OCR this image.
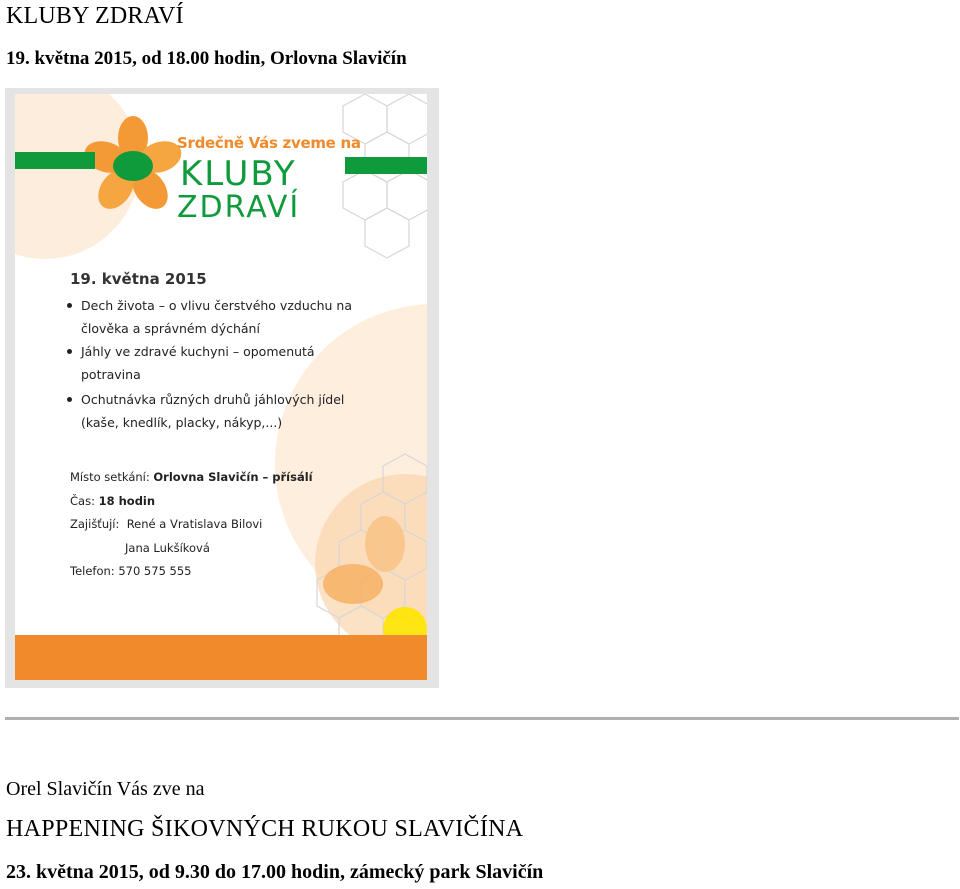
KLUBY ZDRAVÍ
19. května 2015, od 18.00 hodin, Orlovna Slavičín
Srdečně Vás zveme na
KLUBY
ZDRAVÍ
19. května 2015
Dech života – o vlivu čerstvého vzduchu na člověka a správném dýchání
Jáhly ve zdravé kuchyni – opomenutá potravina
Ochutnávka různých druhů jáhlových jídel (kaše, knedlík, placky, nákyp,...)
Místo setkání: Orlovna Slavičín – přísálí
Čas: 18 hodin
Zajišťují: René a Vratislava Bilovi
Jana Lukšíková
Telefon: 570 575 555
Orel Slavičín Vás zve na
HAPPENING ŠIKOVNÝCH RUKOU SLAVIČÍNA
23. května 2015, od 9.30 do 17.00 hodin, zámecký park Slavičín
